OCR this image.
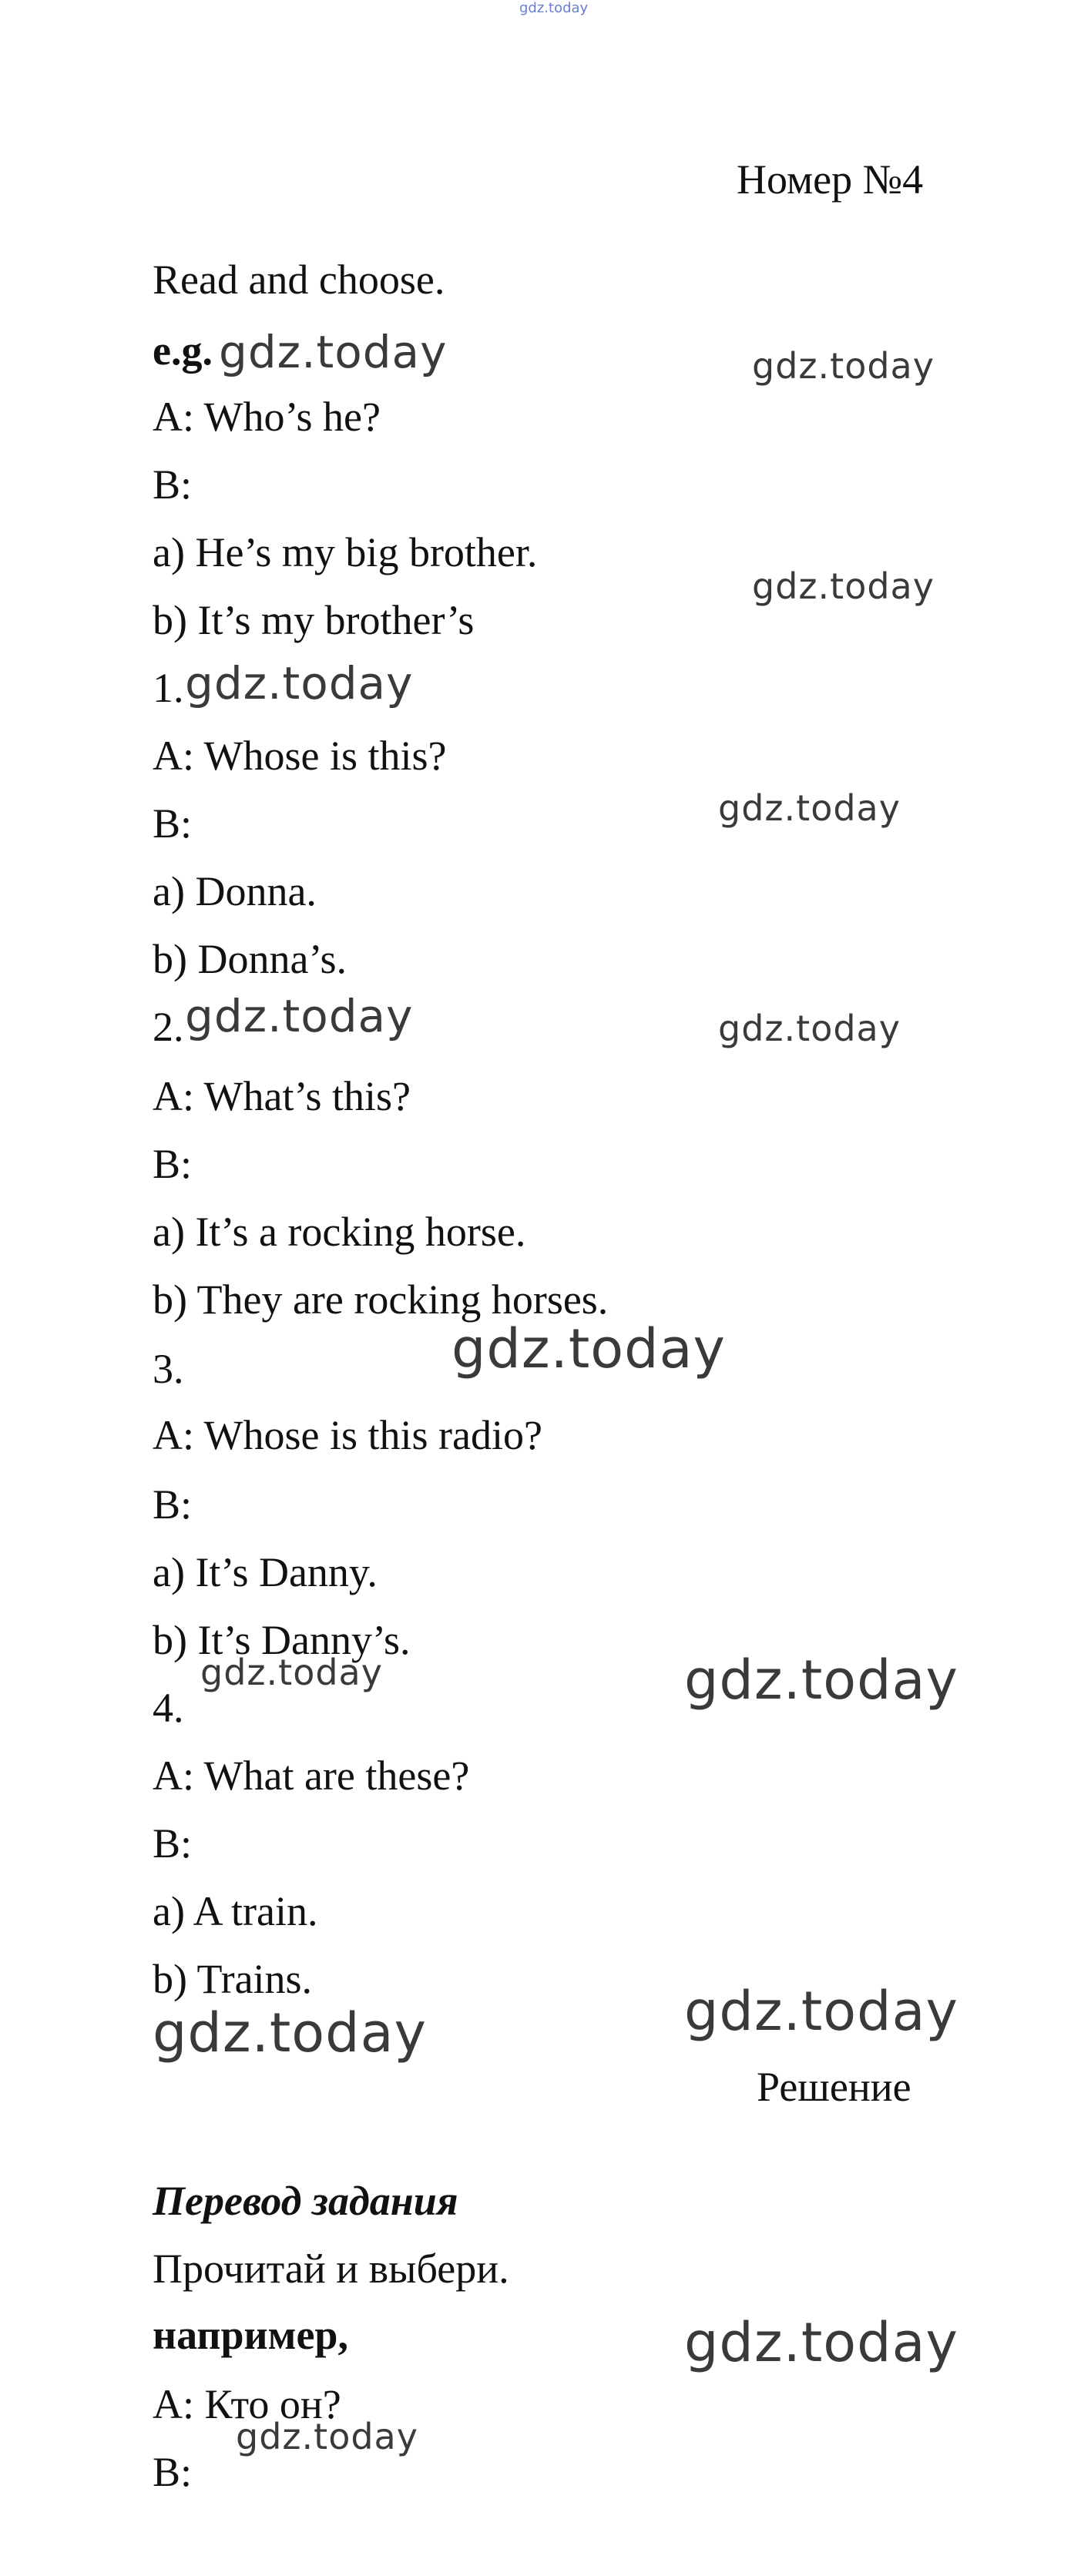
gdz.today
Номер №4
Read and choose.
e.g.
A: Who’s he?
B:
a) He’s my big brother.
b) It’s my brother’s
1.
A: Whose is this?
B:
a) Donna.
b) Donna’s.
2.
A: What’s this?
B:
a) It’s a rocking horse.
b) They are rocking horses.
3.
A: Whose is this radio?
B:
a) It’s Danny.
b) It’s Danny’s.
4.
A: What are these?
B:
a) A train.
b) Trains.
Решение
Перевод задания
Прочитай и выбери.
например,
А: Кто он?
В:
gdz.today	gdz.today
gdz.today
gdz.today
gdz.today
gdz.today	gdz.today
gdz.today
gdz.today	gdz.today
gdz.today	gdz.today
gdz.today
gdz.today
